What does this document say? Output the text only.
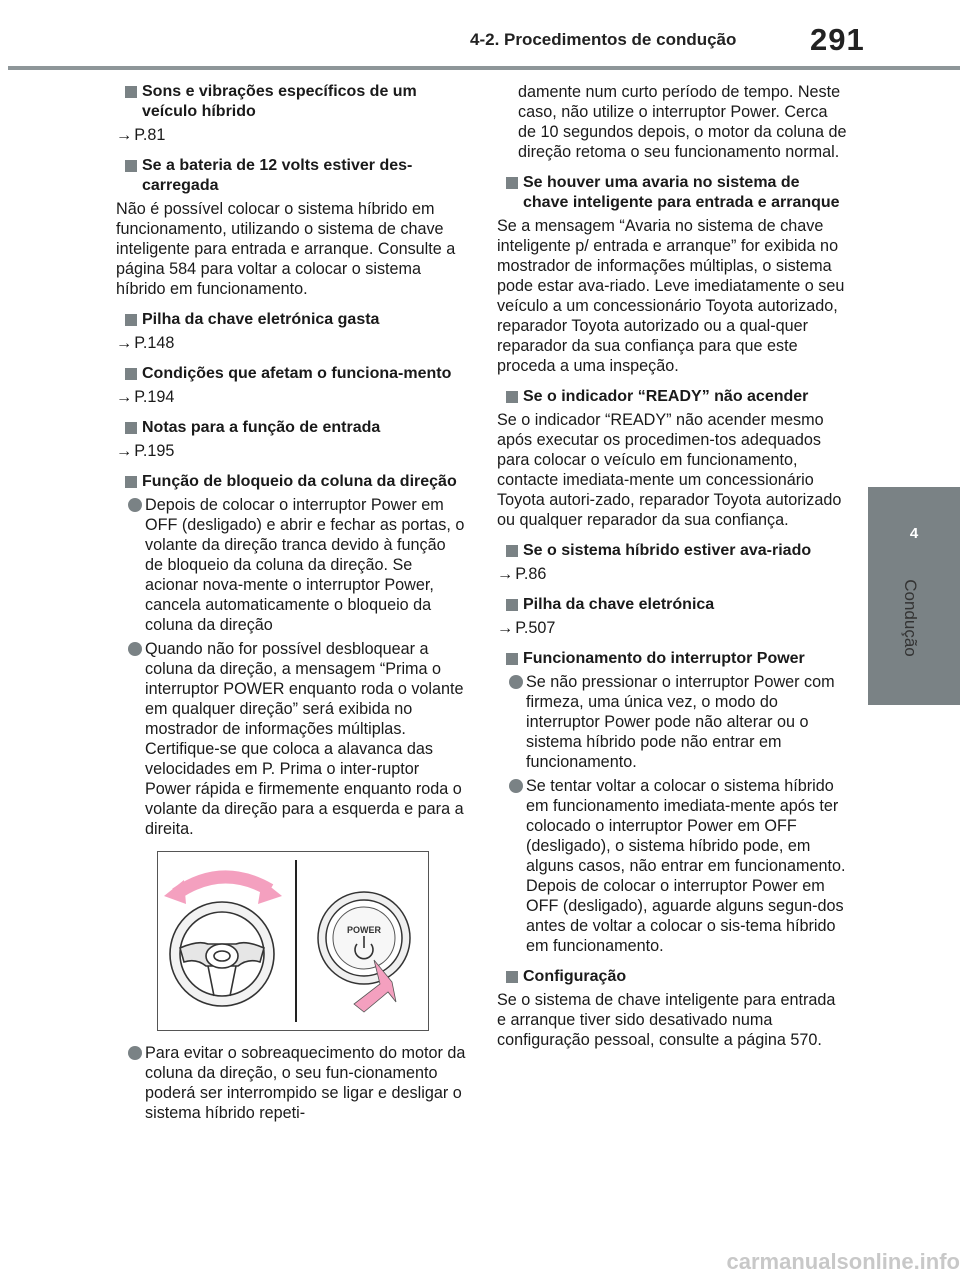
4-2. Procedimentos de condução	291
4
Condução
Sons e vibrações específicos de um veículo híbrido
→ P.81
Se a bateria de 12 volts estiver des-carregada

Não é possível colocar o sistema híbrido em funcionamento, utilizando o sistema de chave inteligente para entrada e arranque. Consulte a página 584 para voltar a colocar o sistema híbrido em funcionamento.

Pilha da chave eletrónica gasta
→ P.148
Condições que afetam o funciona-mento
→ P.194
Notas para a função de entrada
→ P.195
Função de bloqueio da coluna da direção
Depois de colocar o interruptor Power em OFF (desligado) e abrir e fechar as portas, o volante da direção tranca devido à função de bloqueio da coluna da direção. Se acionar nova-mente o interruptor Power, cancela automaticamente o bloqueio da coluna da direção
Quando não for possível desbloquear a coluna da direção, a mensagem “Prima o interruptor POWER enquanto roda o volante em qualquer direção” será exibida no mostrador de informações múltiplas. Certifique-se que coloca a alavanca das velocidades em P. Prima o inter-ruptor Power rápida e firmemente enquanto roda o volante da direção para a esquerda e para a direita.
POWER
Para evitar o sobreaquecimento do motor da coluna da direção, o seu fun-cionamento poderá ser interrompido se ligar e desligar o sistema híbrido repeti-

damente num curto período de tempo. Neste caso, não utilize o interruptor Power. Cerca de 10 segundos depois, o motor da coluna de direção retoma o seu funcionamento normal.

Se houver uma avaria no sistema de chave inteligente para entrada e arranque

Se a mensagem “Avaria no sistema de chave inteligente p/ entrada e arranque” for exibida no mostrador de informações múltiplas, o sistema pode estar ava-riado. Leve imediatamente o seu veículo a um concessionário Toyota autorizado, reparador Toyota autorizado ou a qual-quer reparador da sua confiança para que este proceda a uma inspeção.

Se o indicador “READY” não acender

Se o indicador “READY” não acender mesmo após executar os procedimen-tos adequados para colocar o veículo em funcionamento, contacte imediata-mente um concessionário Toyota autori-zado, reparador Toyota autorizado ou qualquer reparador da sua confiança.

Se o sistema híbrido estiver ava-riado
→ P.86
Pilha da chave eletrónica
→ P.507
Funcionamento do interruptor Power
Se não pressionar o interruptor Power com firmeza, uma única vez, o modo do interruptor Power pode não alterar ou o sistema híbrido pode não entrar em funcionamento.
Se tentar voltar a colocar o sistema híbrido em funcionamento imediata-mente após ter colocado o interruptor Power em OFF (desligado), o sistema híbrido pode, em alguns casos, não entrar em funcionamento. Depois de colocar o interruptor Power em OFF (desligado), aguarde alguns segun-dos antes de voltar a colocar o sis-tema híbrido em funcionamento.
Configuração

Se o sistema de chave inteligente para entrada e arranque tiver sido desativado numa configuração pessoal, consulte a página 570.

carmanualsonline.info
